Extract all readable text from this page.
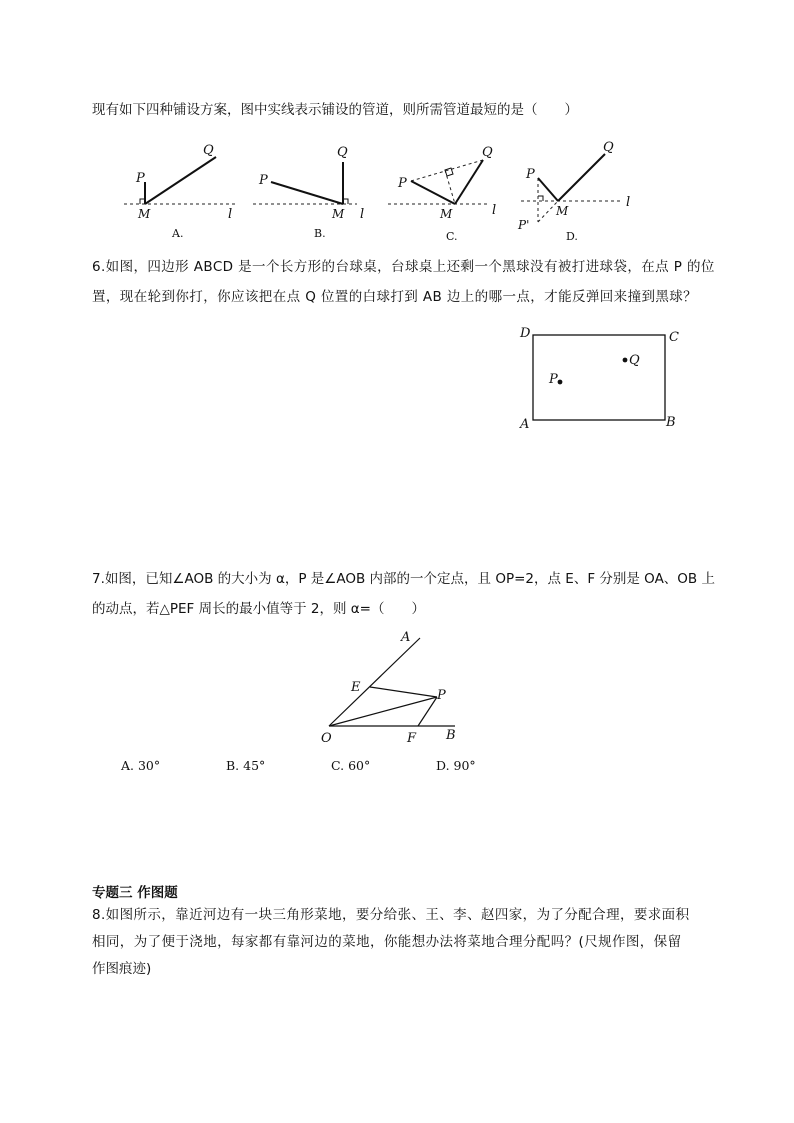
现有如下四种铺设方案，图中实线表示铺设的管道，则所需管道最短的是（　　）
P
Q
M	l
A.
P
Q
M l
B.
P
Q
M	l
C.
P
Q
M
l
P'
D.
6.如图，四边形 ABCD 是一个长方形的台球桌，台球桌上还剩一个黑球没有被打进球袋，在点 P 的位
置，现在轮到你打，你应该把在点 Q 位置的白球打到 AB 边上的哪一点，才能反弹回来撞到黑球？
D	C
A	B
P
Q
7.如图，已知∠AOB 的大小为 α，P 是∠AOB 内部的一个定点，且 OP=2，点 E、F 分别是 OA、OB 上
的动点，若△PEF 周长的最小值等于 2，则 α=（　　）
A
E
P
O	F B
A. 30°	B. 45°	C. 60°	D. 90°
专题三 作图题
8.如图所示，靠近河边有一块三角形菜地，要分给张、王、李、赵四家，为了分配合理，要求面积
相同，为了便于浇地，每家都有靠河边的菜地，你能想办法将菜地合理分配吗？(尺规作图，保留
作图痕迹)
